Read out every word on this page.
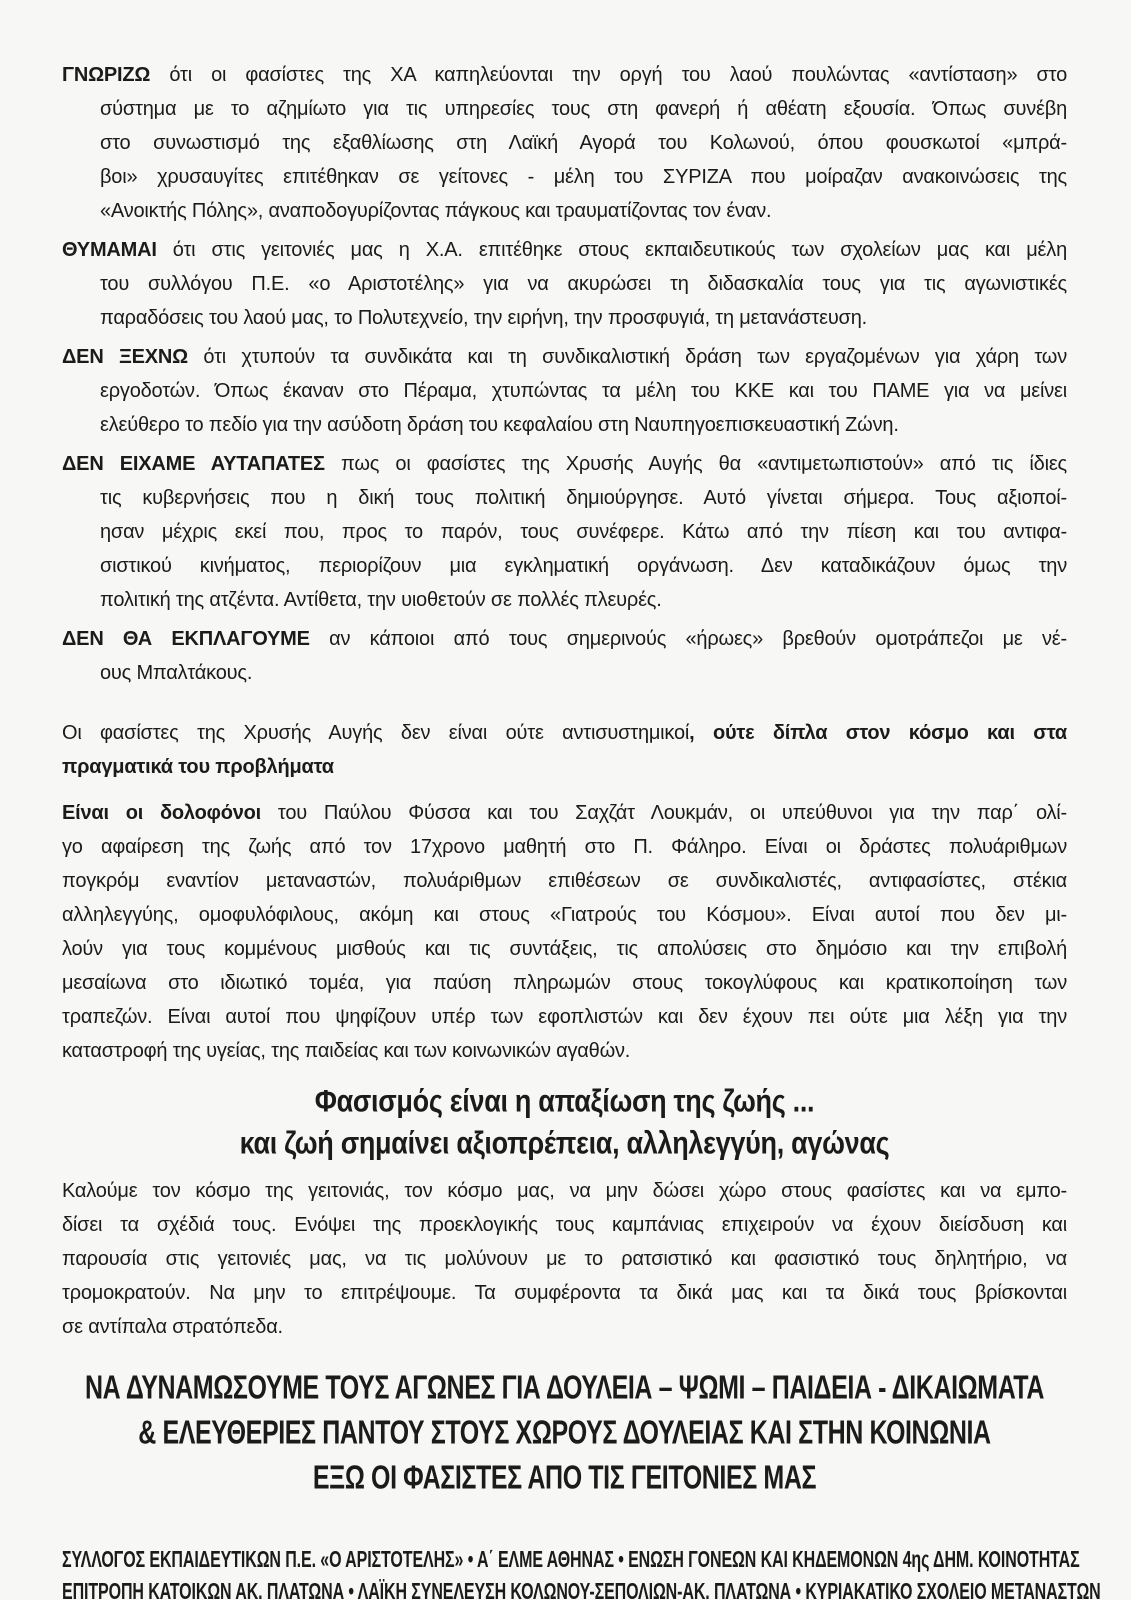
ΓΝΩΡΙΖΩ ότι οι φασίστες της ΧΑ καπηλεύονται την οργή του λαού πουλώντας «αντίσταση» στο
σύστημα με το αζημίωτο για τις υπηρεσίες τους στη φανερή ή αθέατη εξουσία. Όπως συνέβη
στο συνωστισμό της εξαθλίωσης στη Λαϊκή Αγορά του Κολωνού, όπου φουσκωτοί «μπρά-
βοι» χρυσαυγίτες επιτέθηκαν σε γείτονες - μέλη του ΣΥΡΙΖΑ που μοίραζαν ανακοινώσεις της
«Ανοικτής Πόλης», αναποδογυρίζοντας πάγκους και τραυματίζοντας τον έναν.
ΘΥΜΑΜΑΙ ότι στις γειτονιές μας η Χ.Α. επιτέθηκε στους εκπαιδευτικούς των σχολείων μας και μέλη
του συλλόγου Π.Ε. «ο Αριστοτέλης» για να ακυρώσει τη διδασκαλία τους για τις αγωνιστικές
παραδόσεις του λαού μας, το Πολυτεχνείο, την ειρήνη, την προσφυγιά, τη μετανάστευση.
ΔΕΝ ΞΕΧΝΩ ότι χτυπούν τα συνδικάτα και τη συνδικαλιστική δράση των εργαζομένων για χάρη των
εργοδοτών. Όπως έκαναν στο Πέραμα, χτυπώντας τα μέλη του ΚΚΕ και του ΠΑΜΕ για να μείνει
ελεύθερο το πεδίο για την ασύδοτη δράση του κεφαλαίου στη Ναυπηγοεπισκευαστική Ζώνη.
ΔΕΝ ΕΙΧΑΜΕ ΑΥΤΑΠΑΤΕΣ πως οι φασίστες της Χρυσής Αυγής θα «αντιμετωπιστούν» από τις ίδιες
τις κυβερνήσεις που η δική τους πολιτική δημιούργησε. Αυτό γίνεται σήμερα. Τους αξιοποί-
ησαν μέχρις εκεί που, προς το παρόν, τους συνέφερε. Κάτω από την πίεση και του αντιφα-
σιστικού κινήματος, περιορίζουν μια εγκληματική οργάνωση. Δεν καταδικάζουν όμως την
πολιτική της ατζέντα. Αντίθετα, την υιοθετούν σε πολλές πλευρές.
ΔΕΝ ΘΑ ΕΚΠΛΑΓΟΥΜΕ αν κάποιοι από τους σημερινούς «ήρωες» βρεθούν ομοτράπεζοι με νέ-
ους Μπαλτάκους.
Οι φασίστες της Χρυσής Αυγής δεν είναι ούτε αντισυστημικοί, ούτε δίπλα στον κόσμο και στα
πραγματικά του προβλήματα
Είναι οι δολοφόνοι του Παύλου Φύσσα και του Σαχζάτ Λουκμάν, οι υπεύθυνοι για την παρ΄ ολί-
γο αφαίρεση της ζωής από τον 17χρονο μαθητή στο Π. Φάληρο. Είναι οι δράστες πολυάριθμων
πογκρόμ εναντίον μεταναστών, πολυάριθμων επιθέσεων σε συνδικαλιστές, αντιφασίστες, στέκια
αλληλεγγύης, ομοφυλόφιλους, ακόμη και στους «Γιατρούς του Κόσμου». Είναι αυτοί που δεν μι-
λούν για τους κομμένους μισθούς και τις συντάξεις, τις απολύσεις στο δημόσιο και την επιβολή
μεσαίωνα στο ιδιωτικό τομέα, για παύση πληρωμών στους τοκογλύφους και κρατικοποίηση των
τραπεζών. Είναι αυτοί που ψηφίζουν υπέρ των εφοπλιστών και δεν έχουν πει ούτε μια λέξη για την
καταστροφή της υγείας, της παιδείας και των κοινωνικών αγαθών.
Φασισμός είναι η απαξίωση της ζωής ...
και ζωή σημαίνει αξιοπρέπεια, αλληλεγγύη, αγώνας
Καλούμε τον κόσμο της γειτονιάς, τον κόσμο μας, να μην δώσει χώρο στους φασίστες και να εμπο-
δίσει τα σχέδιά τους. Ενόψει της προεκλογικής τους καμπάνιας επιχειρούν να έχουν διείσδυση και
παρουσία στις γειτονιές μας, να τις μολύνουν με το ρατσιστικό και φασιστικό τους δηλητήριο, να
τρομοκρατούν. Να μην το επιτρέψουμε. Τα συμφέροντα τα δικά μας και τα δικά τους βρίσκονται
σε αντίπαλα στρατόπεδα.
ΝΑ ΔΥΝΑΜΩΣΟΥΜΕ ΤΟΥΣ ΑΓΩΝΕΣ ΓΙΑ ΔΟΥΛΕΙΑ – ΨΩΜΙ – ΠΑΙΔΕΙΑ - ΔΙΚΑΙΩΜΑΤΑ
& ΕΛΕΥΘΕΡΙΕΣ ΠΑΝΤΟΥ ΣΤΟΥΣ ΧΩΡΟΥΣ ΔΟΥΛΕΙΑΣ ΚΑΙ ΣΤΗΝ ΚΟΙΝΩΝΙΑ
ΕΞΩ ΟΙ ΦΑΣΙΣΤΕΣ ΑΠΟ ΤΙΣ ΓΕΙΤΟΝΙΕΣ ΜΑΣ
ΣΥΛΛΟΓΟΣ ΕΚΠΑΙΔΕΥΤΙΚΩΝ Π.Ε. «Ο ΑΡΙΣΤΟΤΕΛΗΣ» • Α΄ ΕΛΜΕ ΑΘΗΝΑΣ • ΕΝΩΣΗ ΓΟΝΕΩΝ ΚΑΙ ΚΗΔΕΜΟΝΩΝ 4ης ΔΗΜ. ΚΟΙΝΟΤΗΤΑΣ
ΕΠΙΤΡΟΠΗ ΚΑΤΟΙΚΩΝ ΑΚ. ΠΛΑΤΩΝΑ • ΛΑΪΚΗ ΣΥΝΕΛΕΥΣΗ ΚΟΛΩΝΟΥ-ΣΕΠΟΛΙΩΝ-ΑΚ. ΠΛΑΤΩΝΑ • ΚΥΡΙΑΚΑΤΙΚΟ ΣΧΟΛΕΙΟ ΜΕΤΑΝΑΣΤΩΝ
